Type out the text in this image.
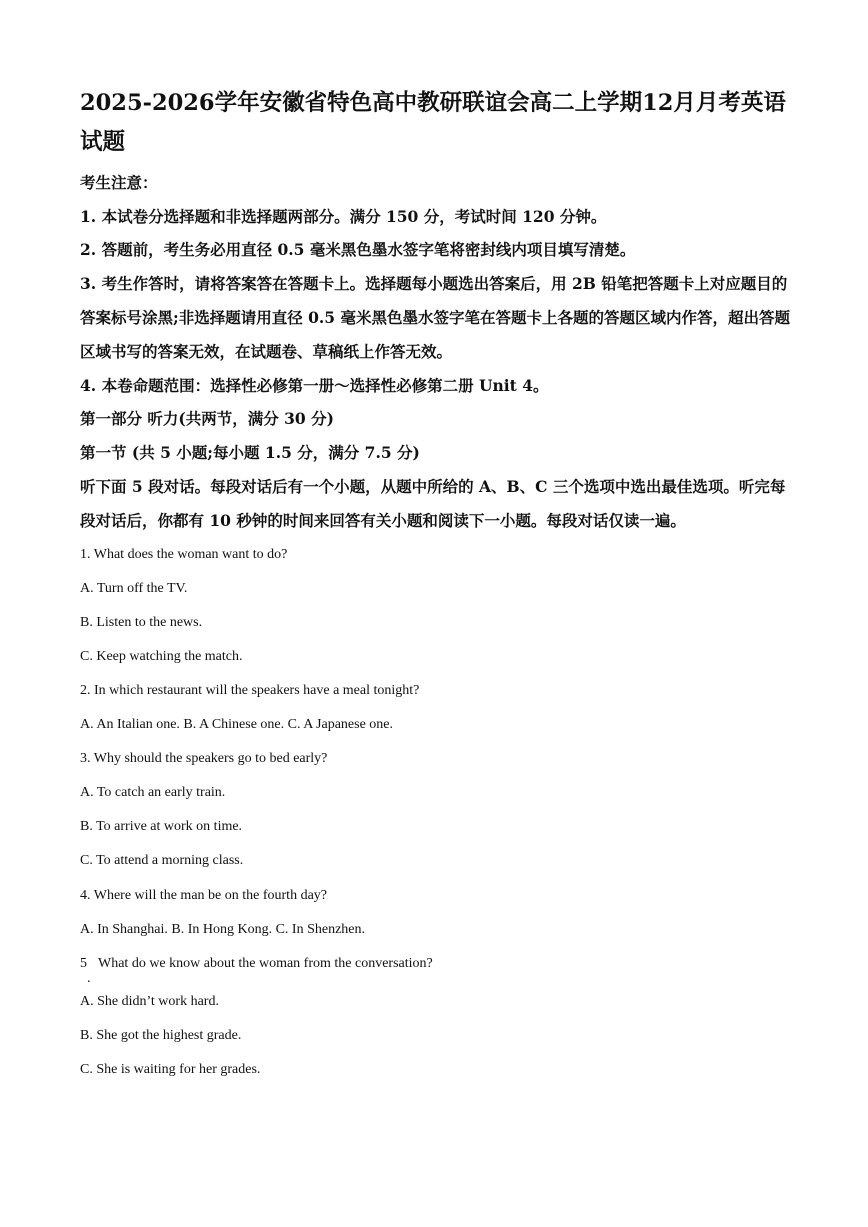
2025-2026学年安徽省特色高中教研联谊会高二上学期12月月考英语试题

考生注意：

1. 本试卷分选择题和非选择题两部分。满分 150 分，考试时间 120 分钟。

2. 答题前，考生务必用直径 0.5 毫米黑色墨水签字笔将密封线内项目填写清楚。

3. 考生作答时，请将答案答在答题卡上。选择题每小题选出答案后，用 2B 铅笔把答题卡上对应题目的答案标号涂黑;非选择题请用直径 0.5 毫米黑色墨水签字笔在答题卡上各题的答题区域内作答，超出答题区域书写的答案无效，在试题卷、草稿纸上作答无效。

4. 本卷命题范围：选择性必修第一册～选择性必修第二册 Unit 4。

第一部分 听力(共两节，满分 30 分)

第一节 (共 5 小题;每小题 1.5 分，满分 7.5 分)

听下面 5 段对话。每段对话后有一个小题，从题中所给的 A、B、C 三个选项中选出最佳选项。听完每段对话后，你都有 10 秒钟的时间来回答有关小题和阅读下一小题。每段对话仅读一遍。

1. What does the woman want to do?

A. Turn off the TV.

B. Listen to the news.

C. Keep watching the match.

2. In which restaurant will the speakers have a meal tonight?

A. An Italian one. B. A Chinese one. C. A Japanese one.

3. Why should the speakers go to bed early?

A. To catch an early train.

B. To arrive at work on time.

C. To attend a morning class.

4. Where will the man be on the fourth day?

A. In Shanghai. B. In Hong Kong. C. In Shenzhen.

5 What do we know about the woman from the conversation?

.

A. She didn’t work hard.

B. She got the highest grade.

C. She is waiting for her grades.
